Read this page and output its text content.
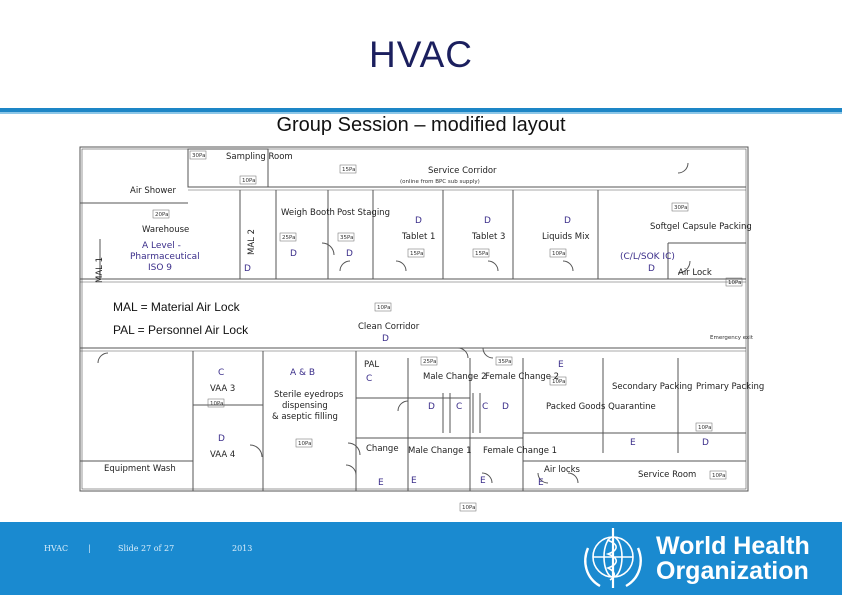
HVAC
Group Session – modified layout
30Pa
10Pa
15Pa
20Pa
25Pa	35Pa
15Pa	15Pa	10Pa
30Pa
10Pa
10Pa
25Pa	35Pa
10Pa
10Pa
10Pa
10Pa
10Pa
10Pa
Sampling Room
Service Corridor
(online from BPC sub supply)
Air Shower
Warehouse
A Level -
Pharmaceutical
ISO 9
MAL 1
MAL 2
D
Weigh Booth
D
Post Staging
D
D
Tablet 1
D
Tablet 3
D
Liquids Mix
Softgel Capsule Packing
(C/L/SOK IC)
D	Air Lock
Clean Corridor
D	Emergency exit
C
VAA 3
D
VAA 4
Equipment Wash
A & B
Sterile eyedrops
dispensing
& aseptic filling
PAL
C	Male Change 2
Female Change 2
D C C D
Change Male Change 1 Female Change 1
E	E	E	E
E
Packed Goods Quarantine
Secondary Packing
E
Primary Packing
D
Air locks	Service Room
MAL = Material Air Lock
PAL = Personnel Air Lock
HVAC |	Slide 27 of 27	2013	World Health
Organization
